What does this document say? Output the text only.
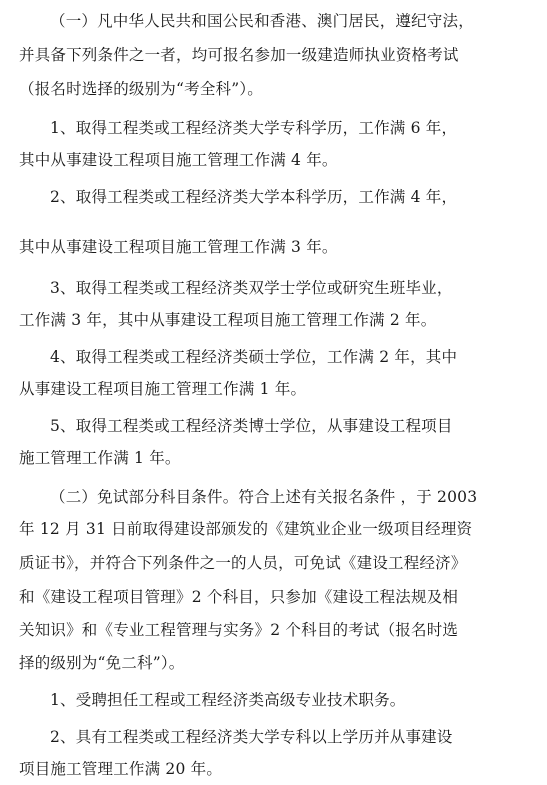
（一）凡中华人民共和国公民和香港、澳门居民，遵纪守法，
并具备下列条件之一者，均可报名参加一级建造师执业资格考试
（报名时选择的级别为“考全科”）。
1、取得工程类或工程经济类大学专科学历，工作满 6 年，
其中从事建设工程项目施工管理工作满 4 年。
2、取得工程类或工程经济类大学本科学历，工作满 4 年，
其中从事建设工程项目施工管理工作满 3 年。
3、取得工程类或工程经济类双学士学位或研究生班毕业，
工作满 3 年，其中从事建设工程项目施工管理工作满 2 年。
4、取得工程类或工程经济类硕士学位，工作满 2 年，其中
从事建设工程项目施工管理工作满 1 年。
5、取得工程类或工程经济类博士学位，从事建设工程项目
施工管理工作满 1 年。
（二）免试部分科目条件。符合上述有关报名条件 ，于 2003
年 12 月 31 日前取得建设部颁发的《建筑业企业一级项目经理资
质证书》，并符合下列条件之一的人员，可免试《建设工程经济》
和《建设工程项目管理》2 个科目，只参加《建设工程法规及相
关知识》和《专业工程管理与实务》2 个科目的考试（报名时选
择的级别为“免二科”）。
1、受聘担任工程或工程经济类高级专业技术职务。
2、具有工程类或工程经济类大学专科以上学历并从事建设
项目施工管理工作满 20 年。
